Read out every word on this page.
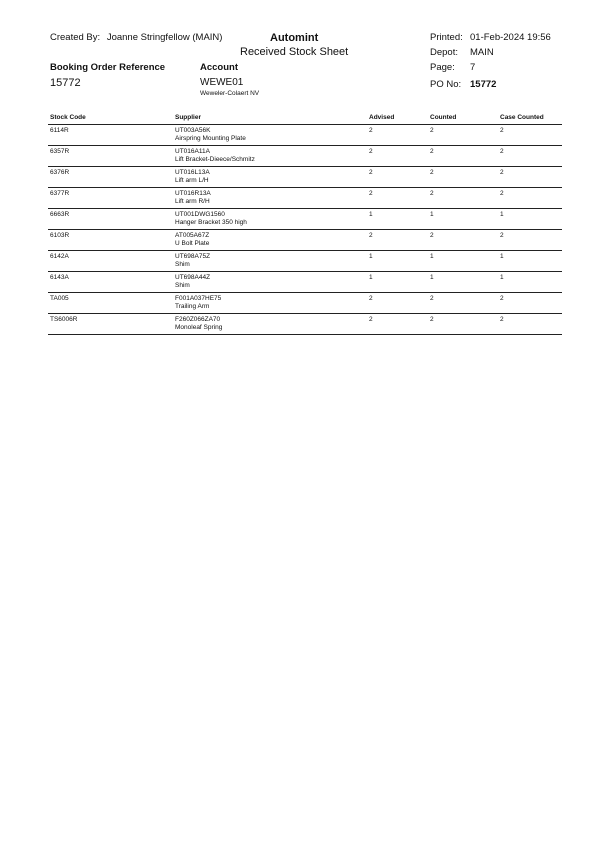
Created By: Joanne Stringfellow (MAIN)	Automint
Received Stock Sheet
Printed: 01-Feb-2024 19:56
Depot: MAIN
Booking Order Reference	Account	Page: 7
15772	WEWE01
Weweler-Colaert NV
PO No: 15772
Stock Code	Supplier	Advised	Counted	Case Counted
6114R	UT003A56K
Airspring Mounting Plate
2	2	2
6357R	UT016A11A
Lift Bracket-Dieece/Schmitz
2	2	2
6376R	UT016L13A
Lift arm L/H
2	2	2
6377R	UT016R13A
Lift arm R/H
2	2	2
6663R	UT001DWG1560
Hanger Bracket 350 high
1	1	1
6103R	AT005A67Z
U Bolt Plate
2	2	2
6142A	UT698A75Z
Shim
1	1	1
6143A	UT698A44Z
Shim
1	1	1
TA005	F001A037HE75
Trailing Arm
2	2	2
TS6006R	F260Z066ZA70
Monoleaf Spring
2	2	2
